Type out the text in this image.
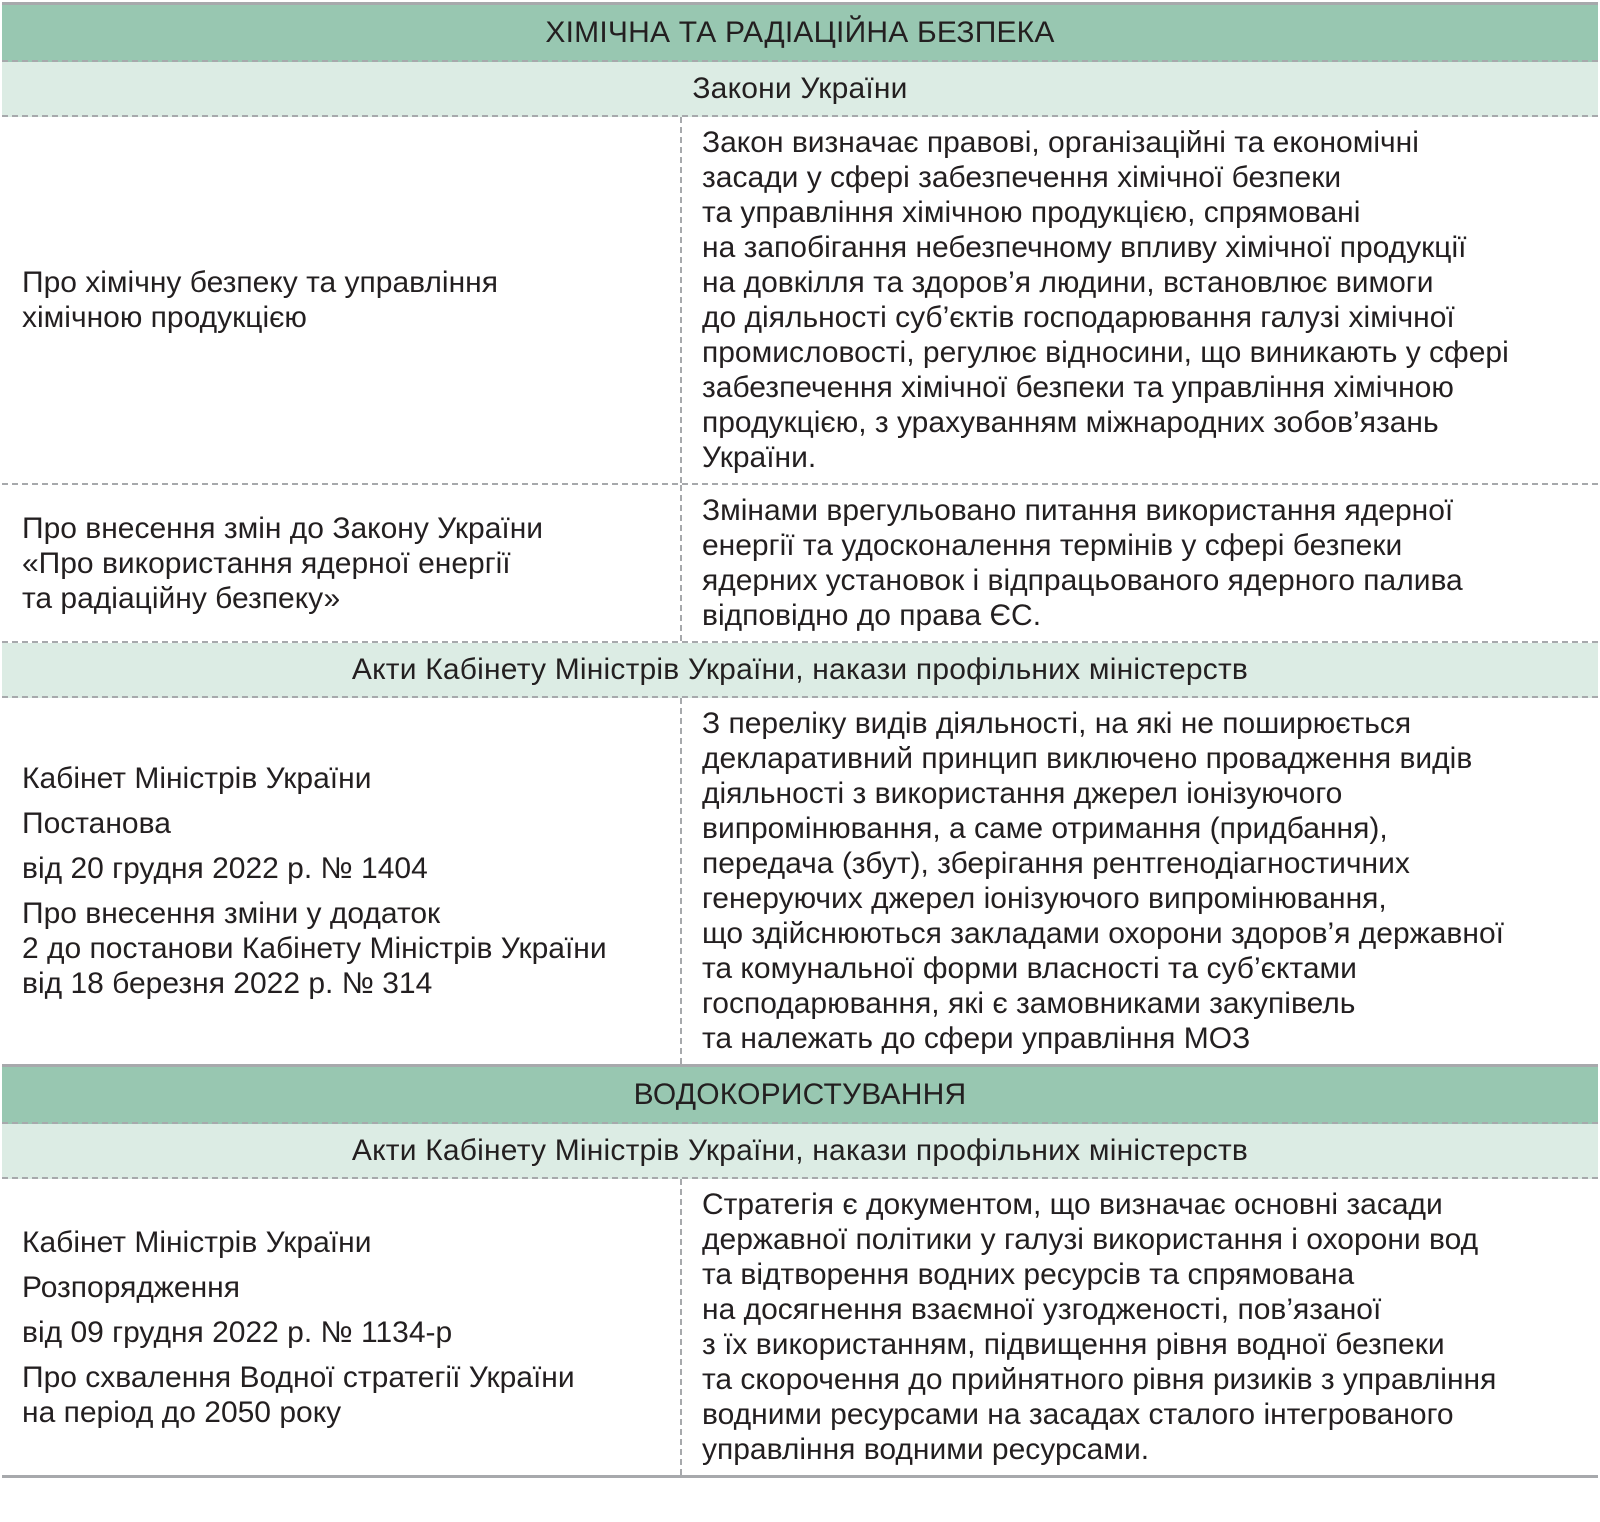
ХІМІЧНА ТА РАДІАЦІЙНА БЕЗПЕКА
Закони України
Про хімічну безпеку та управління
хімічною продукцією
Закон визначає правові, організаційні та економічні
засади у сфері забезпечення хімічної безпеки
та управління хімічною продукцією, спрямовані
на запобігання небезпечному впливу хімічної продукції
на довкілля та здоров’я людини, встановлює вимоги
до діяльності суб’єктів господарювання галузі хімічної
промисловості, регулює відносини, що виникають у сфері
забезпечення хімічної безпеки та управління хімічною
продукцією, з урахуванням міжнародних зобов’язань
України.
Про внесення змін до Закону України
«Про використання ядерної енергії
та радіаційну безпеку»
Змінами врегульовано питання використання ядерної
енергії та удосконалення термінів у сфері безпеки
ядерних установок і відпрацьованого ядерного палива
відповідно до права ЄС.
Акти Кабінету Міністрів України, накази профільних міністерств
Кабінет Міністрів України
Постанова
від 20 грудня 2022 р. № 1404
Про внесення зміни у додаток
2 до постанови Кабінету Міністрів України
від 18 березня 2022 р. № 314
З переліку видів діяльності, на які не поширюється
декларативний принцип виключено провадження видів
діяльності з використання джерел іонізуючого
випромінювання, а саме отримання (придбання),
передача (збут), зберігання рентгенодіагностичних
генеруючих джерел іонізуючого випромінювання,
що здійснюються закладами охорони здоров’я державної
та комунальної форми власності та суб’єктами
господарювання, які є замовниками закупівель
та належать до сфери управління МОЗ
ВОДОКОРИСТУВАННЯ
Акти Кабінету Міністрів України, накази профільних міністерств
Кабінет Міністрів України
Розпорядження
від 09 грудня 2022 р. № 1134-р
Про схвалення Водної стратегії України
на період до 2050 року
Стратегія є документом, що визначає основні засади
державної політики у галузі використання і охорони вод
та відтворення водних ресурсів та спрямована
на досягнення взаємної узгодженості, пов’язаної
з їх використанням, підвищення рівня водної безпеки
та скорочення до прийнятного рівня ризиків з управління
водними ресурсами на засадах сталого інтегрованого
управління водними ресурсами.
